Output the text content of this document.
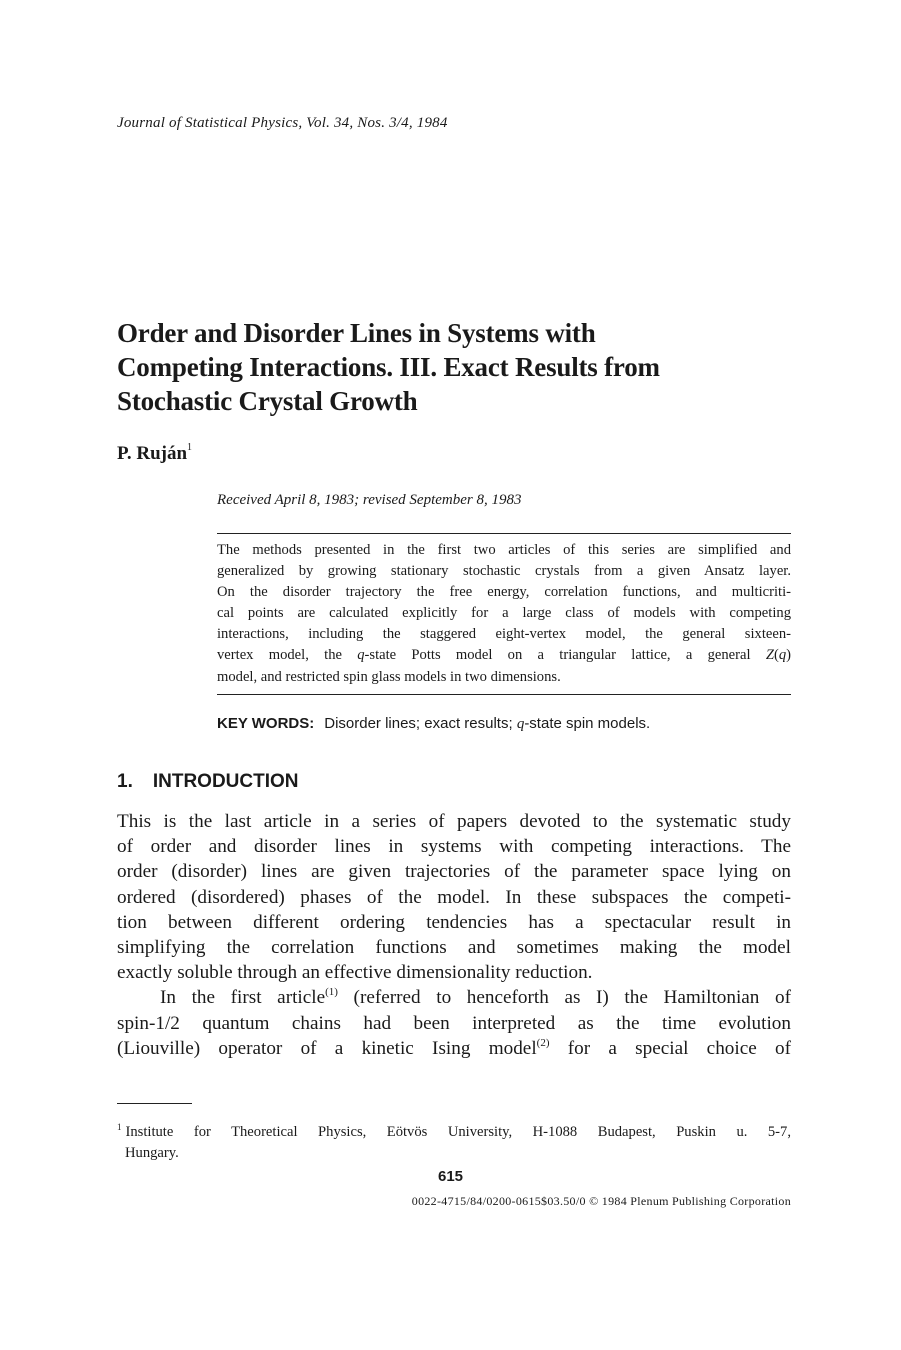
Journal of Statistical Physics, Vol. 34, Nos. 3/4, 1984
Order and Disorder Lines in Systems with
Competing Interactions. III. Exact Results from
Stochastic Crystal Growth
P. Ruján$^1$
Received April 8, 1983; revised September 8, 1983
The methods presented in the first two articles of this series are simplified and
generalized by growing stationary stochastic crystals from a given Ansatz layer.
On the disorder trajectory the free energy, correlation functions, and multicriti-
cal points are calculated explicitly for a large class of models with competing
interactions, including the staggered eight-vertex model, the general sixteen-
vertex model, the q-state Potts model on a triangular lattice, a general Z(q)
model, and restricted spin glass models in two dimensions.
KEY WORDS: Disorder lines; exact results; q-state spin models.
1. INTRODUCTION
This is the last article in a series of papers devoted to the systematic study
of order and disorder lines in systems with competing interactions. The
order (disorder) lines are given trajectories of the parameter space lying on
ordered (disordered) phases of the model. In these subspaces the competi-
tion between different ordering tendencies has a spectacular result in
simplifying the correlation functions and sometimes making the model
exactly soluble through an effective dimensionality reduction.
In the first article$^{(1)}$ (referred to henceforth as I) the Hamiltonian of
spin-1/2 quantum chains had been interpreted as the time evolution
(Liouville) operator of a kinetic Ising model$^{(2)}$ for a special choice of
$^1$ Institute for Theoretical Physics, Eötvös University, H-1088 Budapest, Puskin u. 5-7,
Hungary.
615
0022-4715/84/0200-0615$03.50/0 © 1984 Plenum Publishing Corporation
